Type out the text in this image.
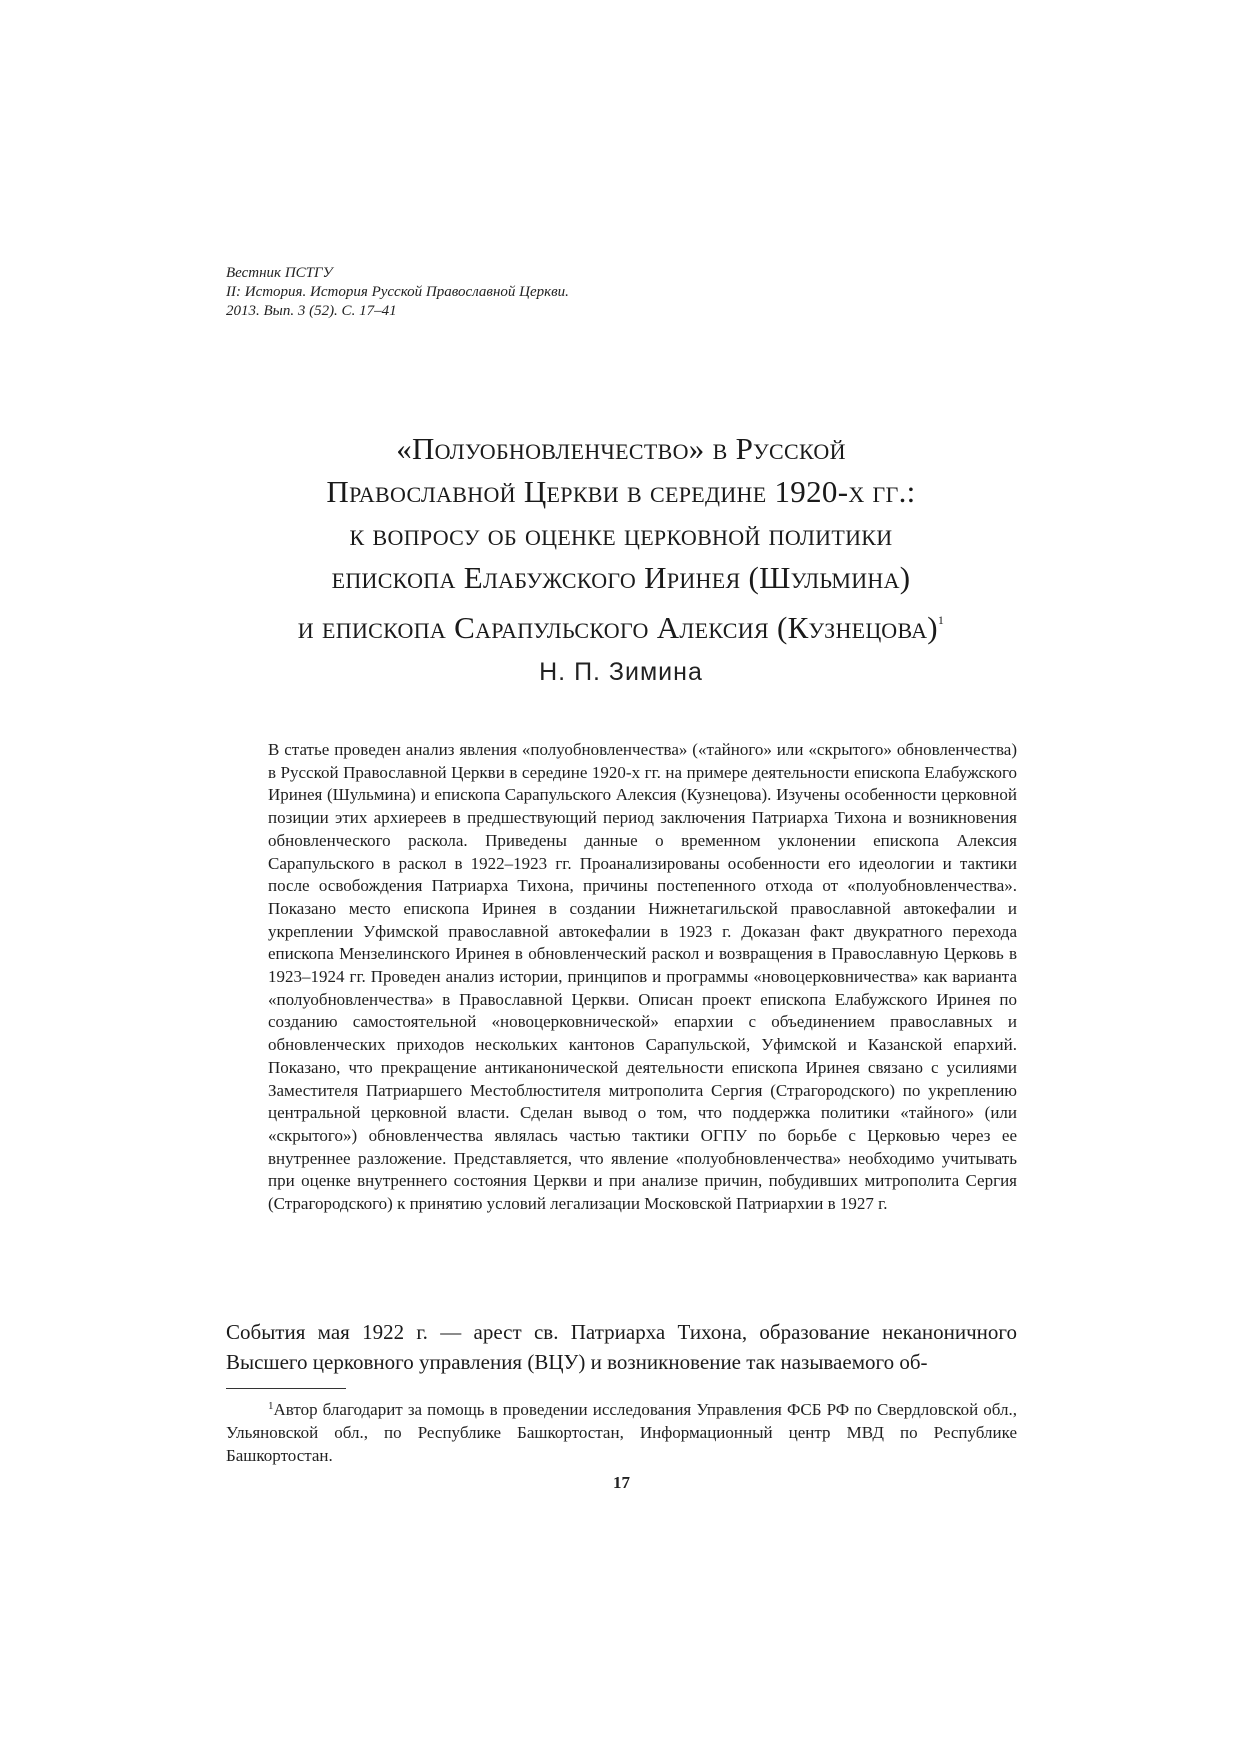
Вестник ПСТГУ
II: История. История Русской Православной Церкви.
2013. Вып. 3 (52). С. 17–41
«Полуобновленчество» в Русской
Православной Церкви в середине 1920-х гг.:
к вопросу об оценке церковной политики
епископа Елабужского Иринея (Шульмина)
и епископа Сарапульского Алексия (Кузнецова)$^1$
Н. П. Зимина
В статье проведен анализ явления «полуобновленчества» («тайного» или «скрытого» обновленчества) в Русской Православной Церкви в середине 1920-х гг. на примере деятельности епископа Елабужского Иринея (Шульмина) и епископа Сарапульского Алексия (Кузнецова). Изучены особенности церковной позиции этих архиереев в предшествующий период заключения Патриарха Тихона и возникновения обновленческого раскола. Приведены данные о временном уклонении епископа Алексия Сарапульского в раскол в 1922–1923 гг. Проанализированы особенности его идеологии и тактики после освобождения Патриарха Тихона, причины постепенного отхода от «полуобновленчества». Показано место епископа Иринея в создании Нижнетагильской православной автокефалии и укреплении Уфимской православной автокефалии в 1923 г. Доказан факт двукратного перехода епископа Мензелинского Иринея в обновленческий раскол и возвращения в Православную Церковь в 1923–1924 гг. Проведен анализ истории, принципов и программы «новоцерковничества» как варианта «полуобновленчества» в Православной Церкви. Описан проект епископа Елабужского Иринея по созданию самостоятельной «новоцерковнической» епархии с объединением православных и обновленческих приходов нескольких кантонов Сарапульской, Уфимской и Казанской епархий. Показано, что прекращение антиканонической деятельности епископа Иринея связано с усилиями Заместителя Патриаршего Местоблюстителя митрополита Сергия (Страгородского) по укреплению центральной церковной власти. Сделан вывод о том, что поддержка политики «тайного» (или «скрытого») обновленчества являлась частью тактики ОГПУ по борьбе с Церковью через ее внутреннее разложение. Представляется, что явление «полуобновленчества» необходимо учитывать при оценке внутреннего состояния Церкви и при анализе причин, побудивших митрополита Сергия (Страгородского) к принятию условий легализации Московской Патриархии в 1927 г.
События мая 1922 г. — арест св. Патриарха Тихона, образование неканоничного Высшего церковного управления (ВЦУ) и возникновение так называемого об-
$^1$Автор благодарит за помощь в проведении исследования Управления ФСБ РФ по Свердловской обл., Ульяновской обл., по Республике Башкортостан, Информационный центр МВД по Республике Башкортостан.
17
